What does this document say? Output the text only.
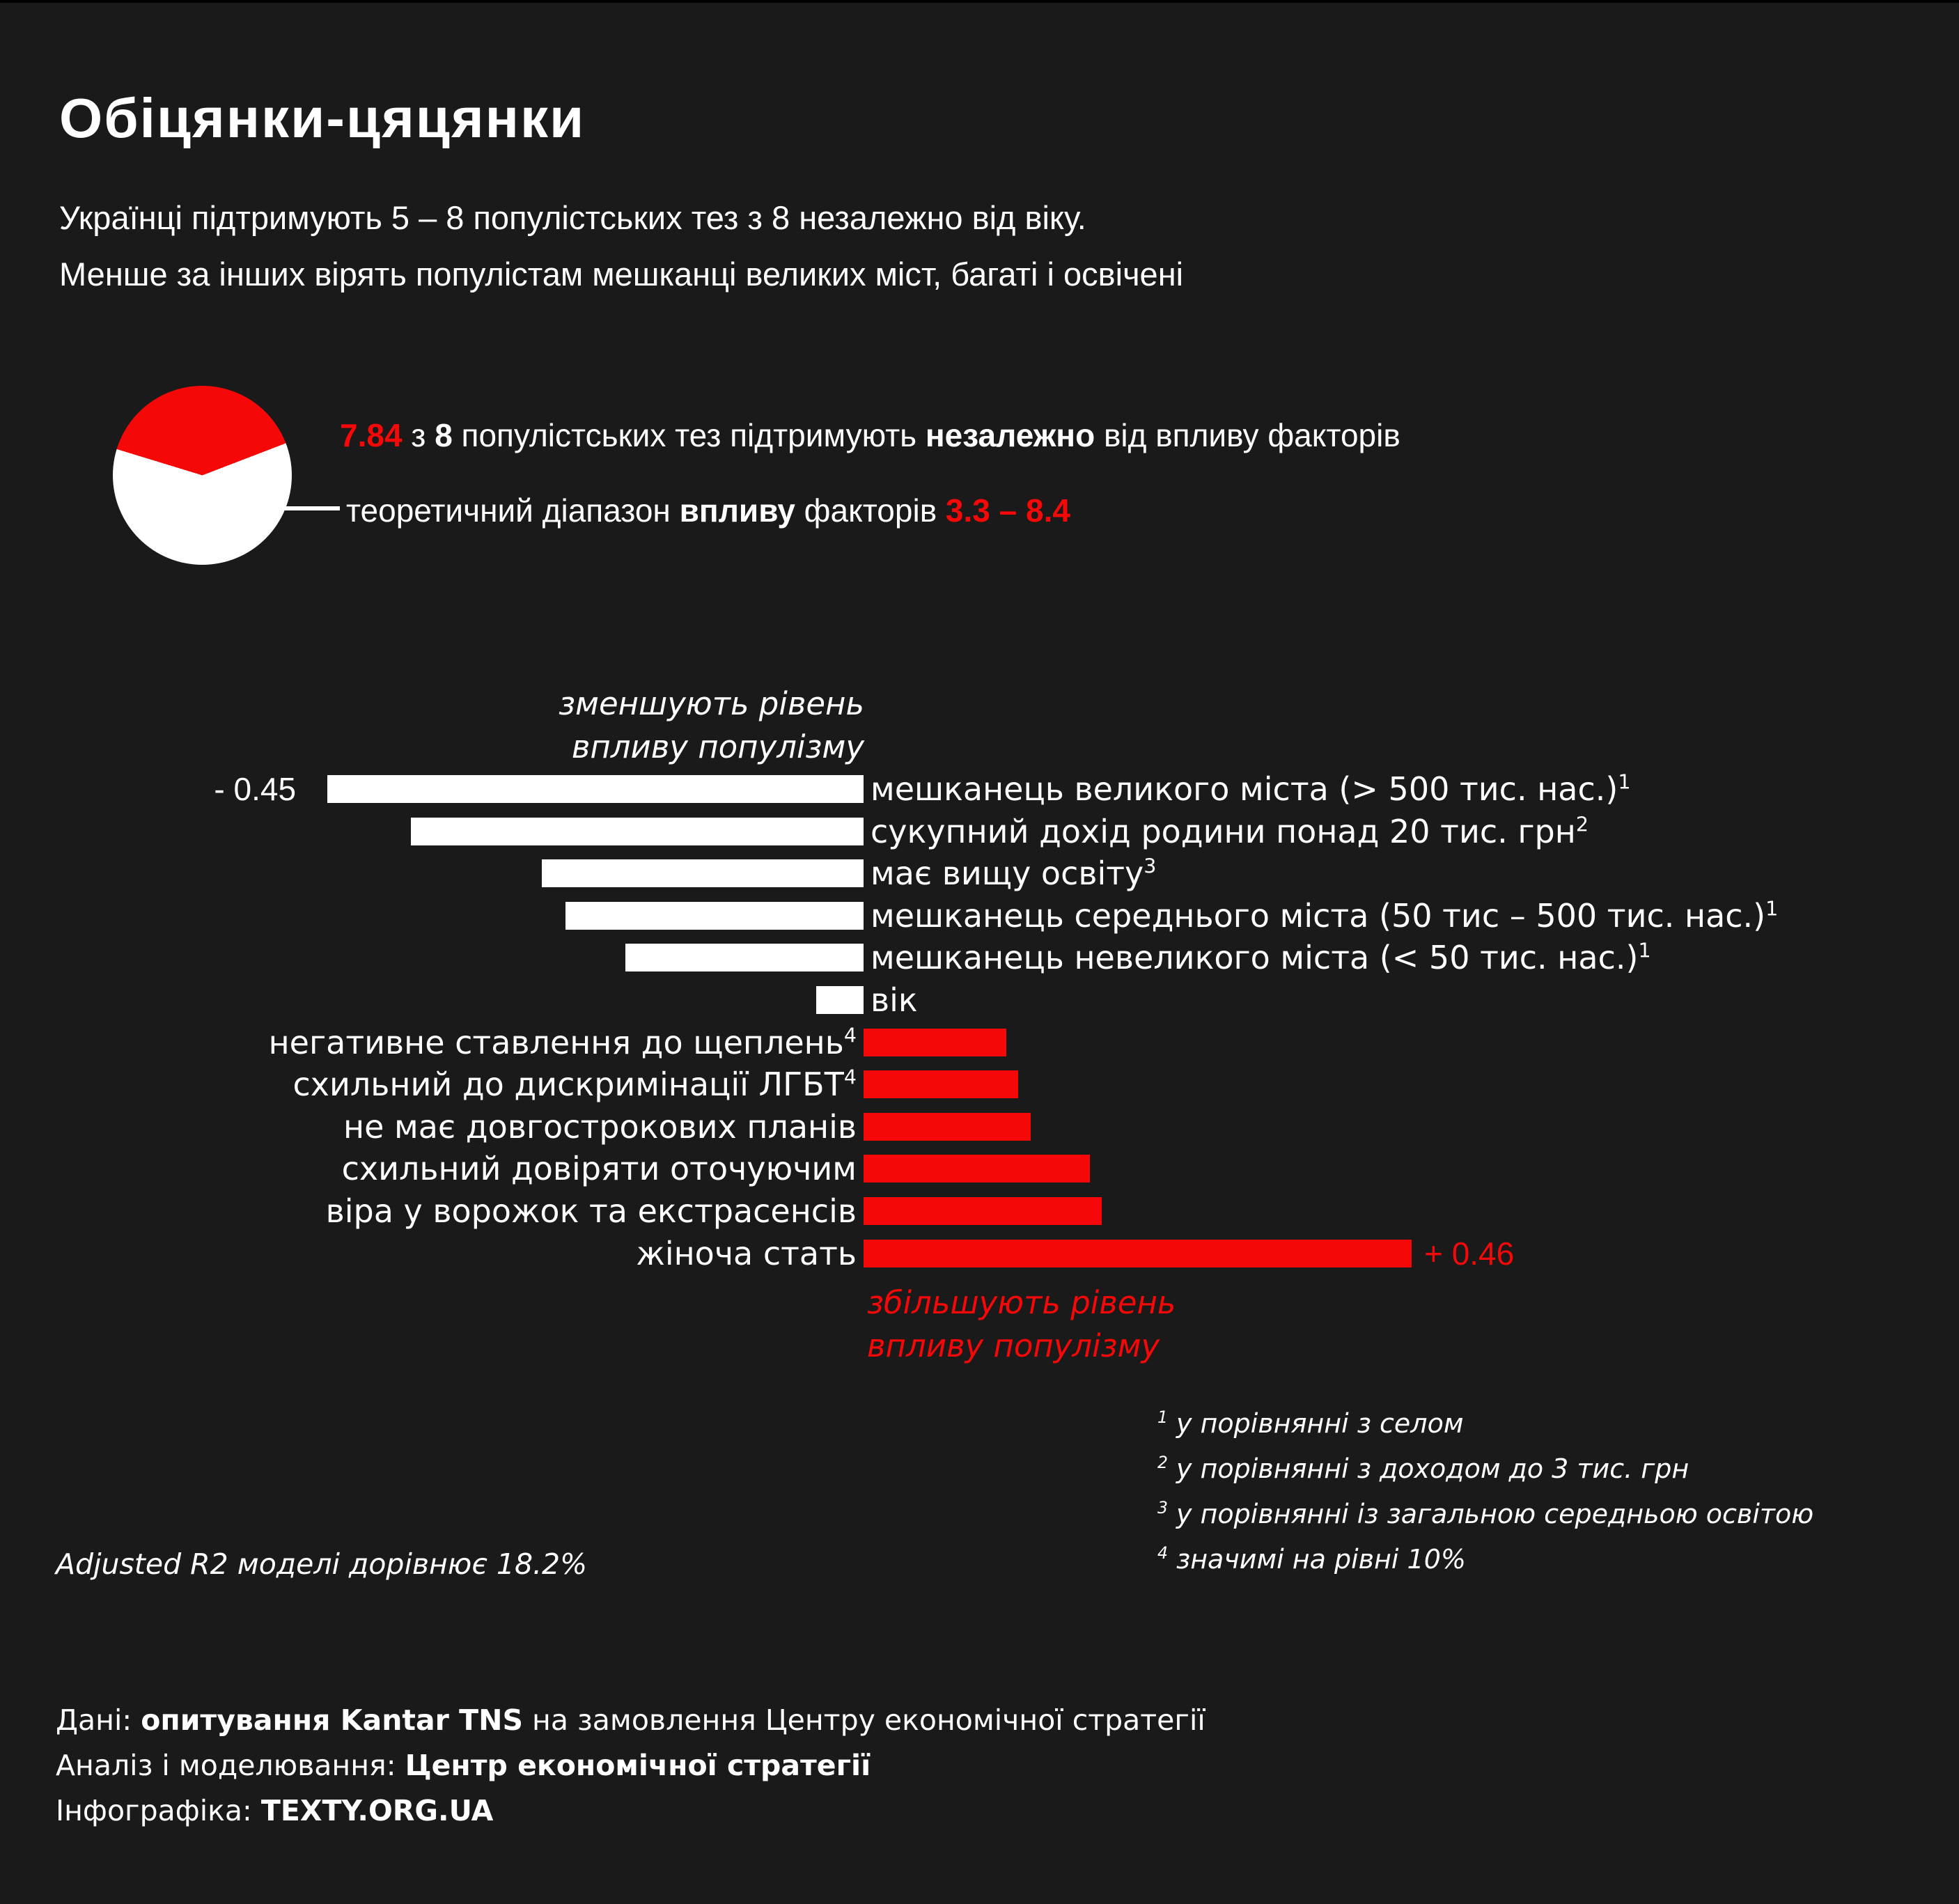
Обіцянки-цяцянки
Українці підтримують 5 – 8 популістських тез з 8 незалежно від віку.
Менше за інших вірять популістам мешканці великих міст, багаті і освічені
7.84 з 8 популістських тез підтримують незалежно від впливу факторів
теоретичний діапазон впливу факторів 3.3 – 8.4
зменшують рівень
впливу популізму
мешканець великого міста (> 500 тис. нас.)$^1$
- 0.45
сукупний дохід родини понад 20 тис. грн$^2$
має вищу освіту$^3$
мешканець середнього міста (50 тис – 500 тис. нас.)$^1$
мешканець невеликого міста (< 50 тис. нас.)$^1$
вік
негативне ставлення до щеплень$^4$
схильний до дискримінації ЛГБТ$^4$
не має довгострокових планів
схильний довіряти оточуючим
віра у ворожок та екстрасенсів
жіноча стать	+ 0.46
збільшують рівень
впливу популізму
Adjusted R2 моделі дорівнює 18.2%
$^1$ у порівнянні з селом
$^2$ у порівнянні з доходом до 3 тис. грн
$^3$ у порівнянні із загальною середньою освітою
$^4$ значимі на рівні 10%
Дані: опитування Kantar TNS на замовлення Центру економічної стратегії
Аналіз і моделювання: Центр економічної стратегії
Інфографіка: TEXTY.ORG.UA
